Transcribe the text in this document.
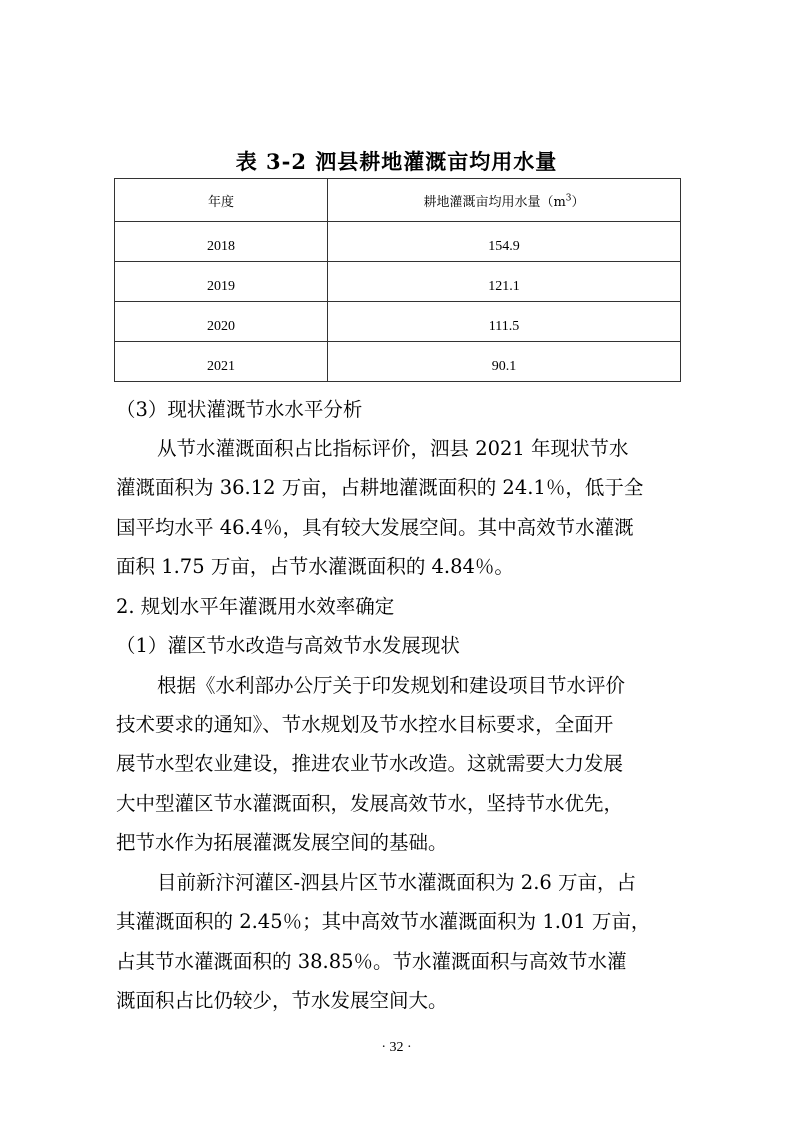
表 3-2 泗县耕地灌溉亩均用水量
年度	耕地灌溉亩均用水量$(m^3)$
2018	154.9
2019	121.1
2020	111.5
2021	90.1
（3）现状灌溉节水水平分析
从节水灌溉面积占比指标评价，泗县 2021 年现状节水
灌溉面积为 36.12 万亩，占耕地灌溉面积的 24.1％，低于全
国平均水平 46.4％，具有较大发展空间。其中高效节水灌溉
面积 1.75 万亩，占节水灌溉面积的 4.84％。
2. 规划水平年灌溉用水效率确定
（1）灌区节水改造与高效节水发展现状
根据《水利部办公厅关于印发规划和建设项目节水评价
技术要求的通知》、节水规划及节水控水目标要求，全面开
展节水型农业建设，推进农业节水改造。这就需要大力发展
大中型灌区节水灌溉面积，发展高效节水，坚持节水优先，
把节水作为拓展灌溉发展空间的基础。
目前新汴河灌区-泗县片区节水灌溉面积为 2.6 万亩，占
其灌溉面积的 2.45％；其中高效节水灌溉面积为 1.01 万亩，
占其节水灌溉面积的 38.85％。节水灌溉面积与高效节水灌
溉面积占比仍较少，节水发展空间大。
· 32 ·
